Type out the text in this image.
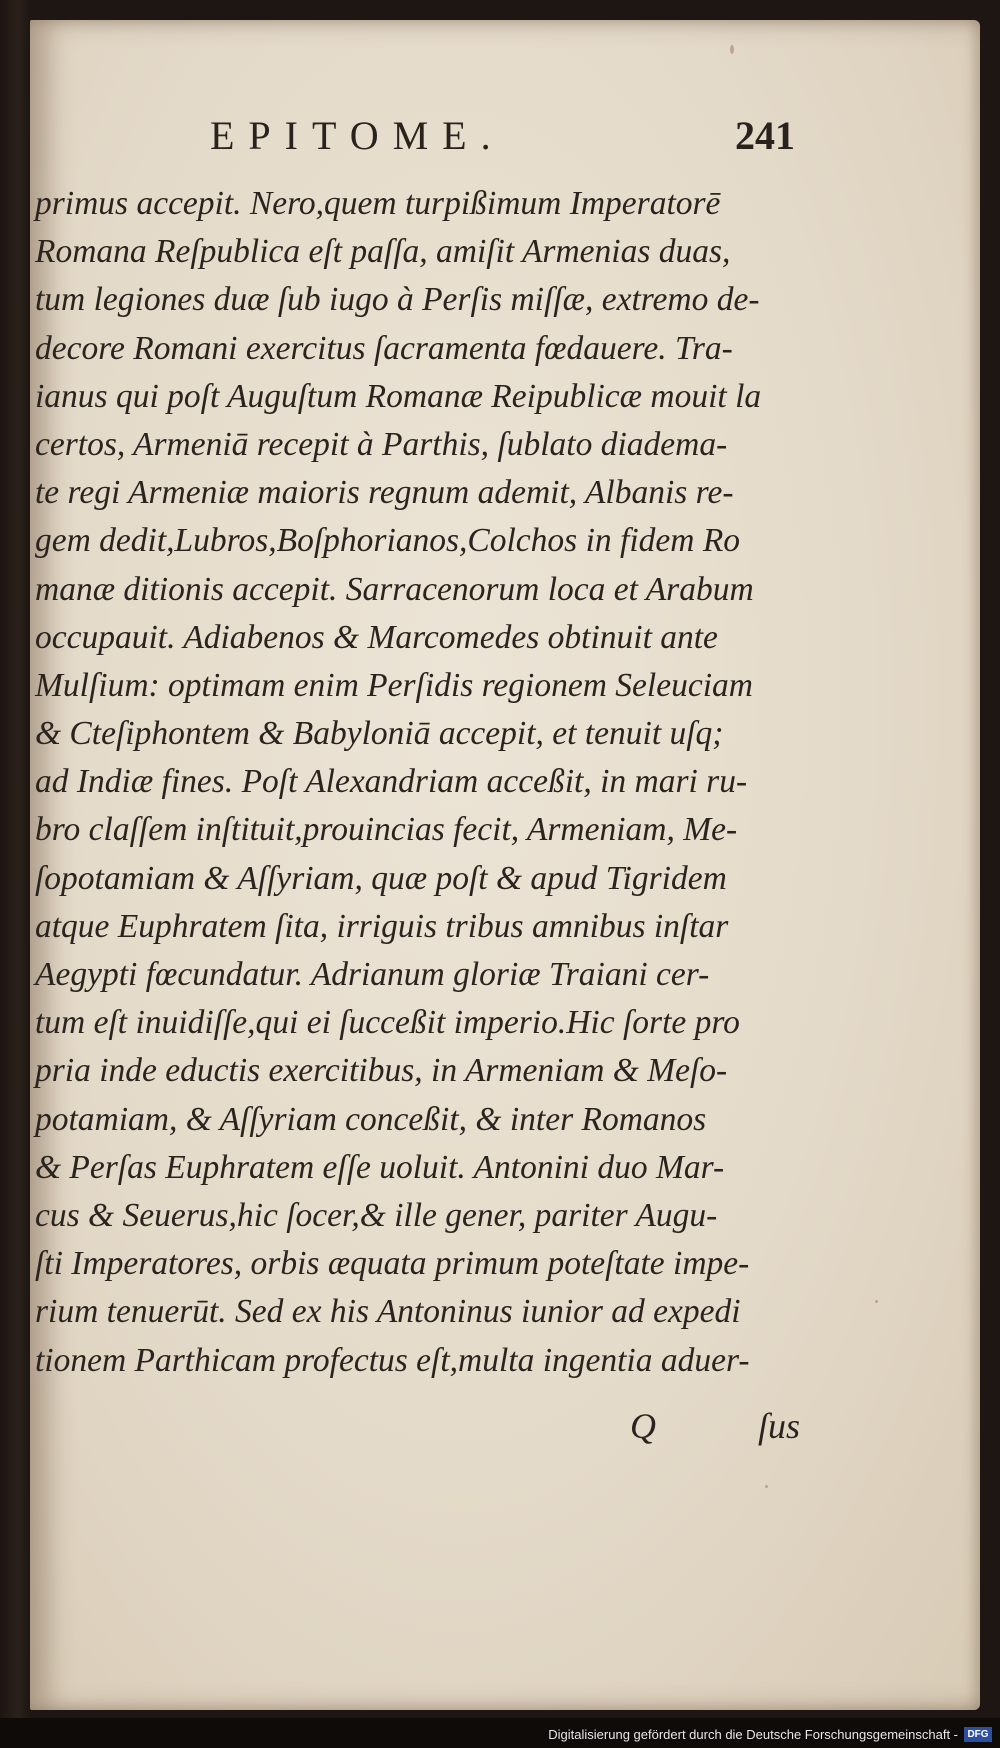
EPITOME.	241
primus accepit. Nero,quem turpißimum Imperatorē
Romana Reſpublica eſt paſſa, amiſit Armenias duas,
tum legiones duæ ſub iugo à Perſis miſſæ, extremo de-
decore Romani exercitus ſacramenta fœdauere. Tra-
ianus qui poſt Auguſtum Romanæ Reipublicæ mouit la
certos, Armeniā recepit à Parthis, ſublato diadema-
te regi Armeniæ maioris regnum ademit, Albanis re-
gem dedit,Lubros,Boſphorianos,Colchos in fidem Ro
manæ ditionis accepit. Sarracenorum loca et Arabum
occupauit. Adiabenos & Marcomedes obtinuit ante
Mulſium: optimam enim Perſidis regionem Seleuciam
& Cteſiphontem & Babyloniā accepit, et tenuit uſq;
ad Indiæ fines. Poſt Alexandriam acceßit, in mari ru-
bro claſſem inſtituit,prouincias fecit, Armeniam, Me-
ſopotamiam & Aſſyriam, quæ poſt & apud Tigridem
atque Euphratem ſita, irriguis tribus amnibus inſtar
Aegypti fœcundatur. Adrianum gloriæ Traiani cer-
tum eſt inuidiſſe,qui ei ſucceßit imperio.Hic ſorte pro
pria inde eductis exercitibus, in Armeniam & Meſo-
potamiam, & Aſſyriam conceßit, & inter Romanos
& Perſas Euphratem eſſe uoluit. Antonini duo Mar-
cus & Seuerus,hic ſocer,& ille gener, pariter Augu-
ſti Imperatores, orbis æquata primum poteſtate impe-
rium tenuerūt. Sed ex his Antoninus iunior ad expedi
tionem Parthicam profectus eſt,multa ingentia aduer-
Q	ſus
Digitalisierung gefördert durch die Deutsche Forschungsgemeinschaft - DFG
